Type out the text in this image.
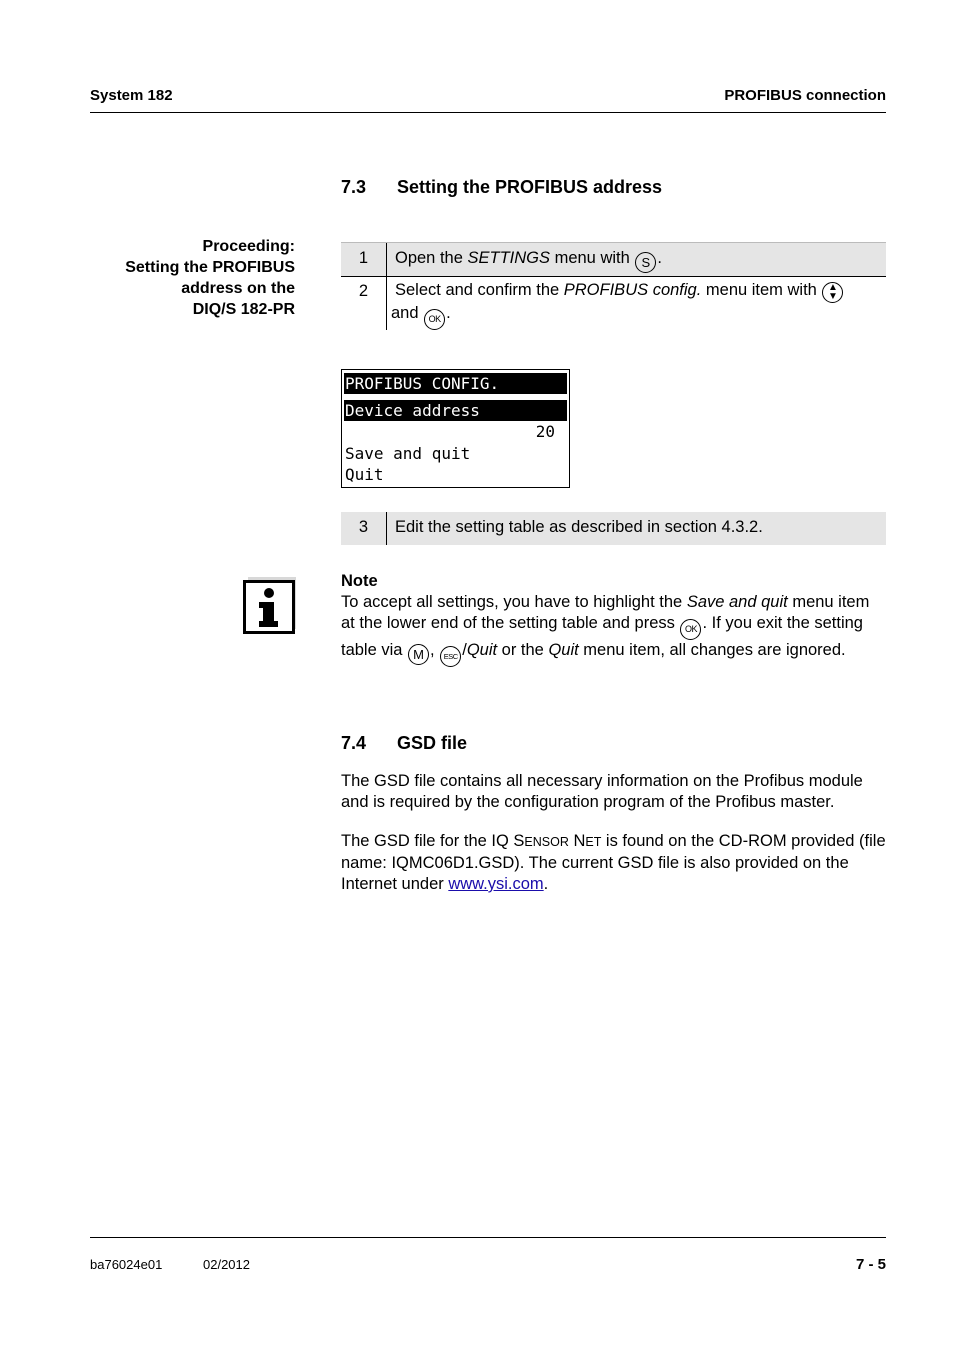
System 182	PROFIBUS connection
7.3 Setting the PROFIBUS address
Proceeding:
Setting the PROFIBUS
address on the
DIQ/S 182-PR
1	Open the SETTINGS menu with S .
2	Select and confirm the PROFIBUS config. menu item with ▲
▼
and OK .
PROFIBUS CONFIG.
Device address
20
Save and quit
Quit
3	Edit the setting table as described in section 4.3.2.
Note
To accept all settings, you have to highlight the Save and quit menu item at the lower end of the setting table and press OK . If you exit the setting table via M , ESC /Quit or the Quit menu item, all changes are ignored.
7.4 GSD file
The GSD file contains all necessary information on the Profibus module and is required by the configuration program of the Profibus master.
The GSD file for the IQ SENSOR NET is found on the CD-ROM provided (file name: IQMC06D1.GSD). The current GSD file is also provided on the Internet under www.ysi.com.
ba76024e01	02/2012	7 - 5
